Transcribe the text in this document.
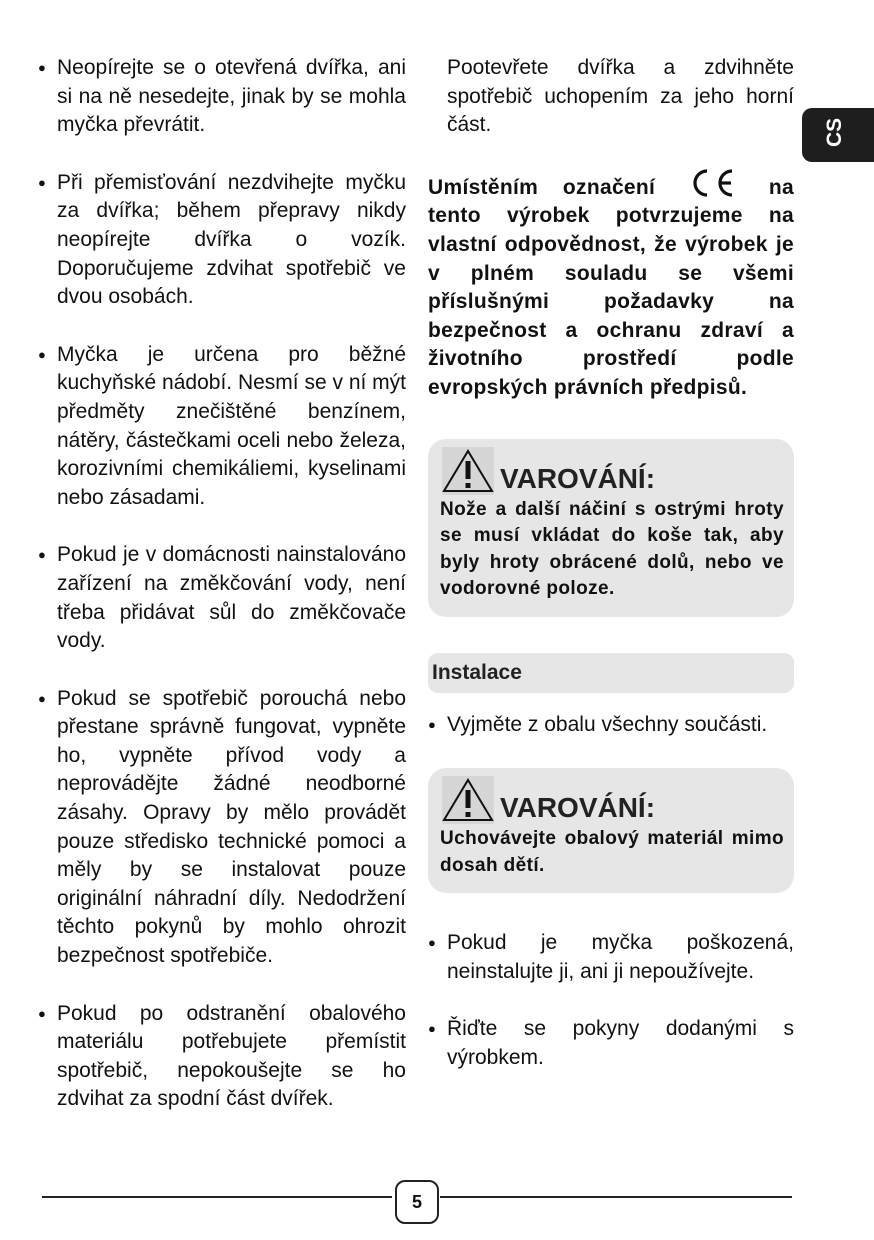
CS

● Neopírejte se o otevřená dvířka, ani si na ně nesedejte, jinak by se mohla myčka převrátit.

● Při přemisťování nezdvihejte myčku za dvířka; během přepravy nikdy neopírejte dvířka o vozík. Doporučujeme zdvihat spotřebič ve dvou osobách.

● Myčka je určena pro běžné kuchyňské nádobí. Nesmí se v ní mýt předměty znečištěné benzínem, nátěry, částečkami oceli nebo železa, korozivními chemikáliemi, kyselinami nebo zásadami.

● Pokud je v domácnosti nainstalováno zařízení na změkčování vody, není třeba přidávat sůl do změkčovače vody.

● Pokud se spotřebič porouchá nebo přestane správně fungovat, vypněte ho, vypněte přívod vody a neprovádějte žádné neodborné zásahy. Opravy by mělo provádět pouze středisko technické pomoci a měly by se instalovat pouze originální náhradní díly. Nedodržení těchto pokynů by mohlo ohrozit bezpečnost spotřebiče.

● Pokud po odstranění obalového materiálu potřebujete přemístit spotřebič, nepokoušejte se ho zdvihat za spodní část dvířek.

Pootevřete dvířka a zdvihněte spotřebič uchopením za jeho horní část.

Umístěním označení	na tento výrobek potvrzujeme na vlastní odpovědnost, že výrobek je v plném souladu se všemi příslušnými požadavky na bezpečnost a ochranu zdraví a životního prostředí podle evropských právních předpisů.

VAROVÁNÍ:
Nože a další náčiní s ostrými hroty se musí vkládat do koše tak, aby byly hroty obrácené dolů, nebo ve vodorovné poloze.
Instalace

● Vyjměte z obalu všechny součásti.

VAROVÁNÍ:
Uchovávejte obalový materiál mimo dosah dětí.

● Pokud je myčka poškozená, neinstalujte ji, ani ji nepoužívejte.

● Řiďte se pokyny dodanými s výrobkem.

5
